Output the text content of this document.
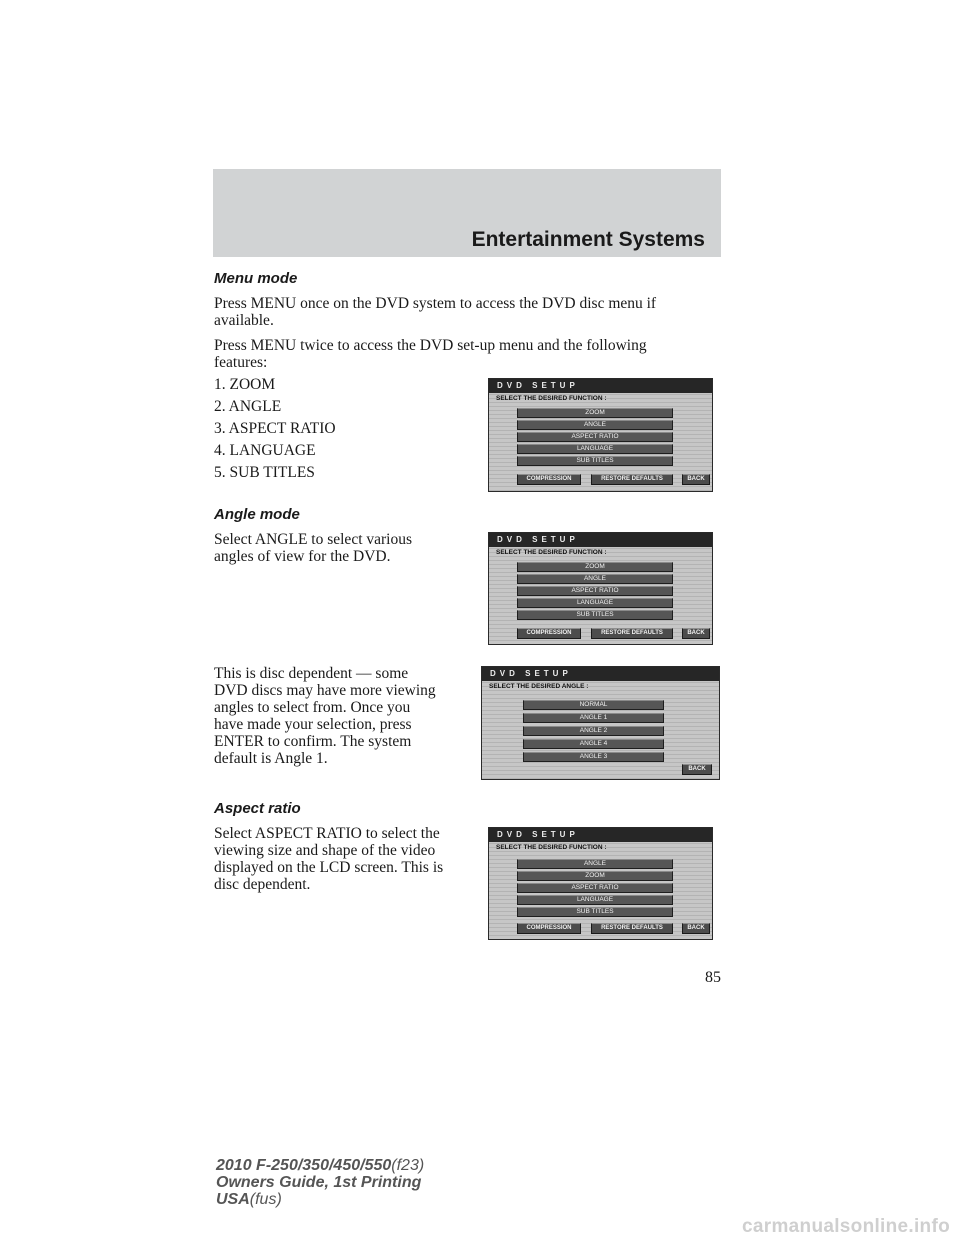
Entertainment Systems
Menu mode

Press MENU once on the DVD system to access the DVD disc menu if
available.

Press MENU twice to access the DVD set-up menu and the following
features:

1. ZOOM
2. ANGLE
3. ASPECT RATIO
4. LANGUAGE
5. SUB TITLES
Angle mode

Select ANGLE to select various
angles of view for the DVD.

This is disc dependent — some
DVD discs may have more viewing
angles to select from. Once you
have made your selection, press
ENTER to confirm. The system
default is Angle 1.

Aspect ratio

Select ASPECT RATIO to select the
viewing size and shape of the video
displayed on the LCD screen. This is
disc dependent.

DVD SETUP
SELECT THE DESIRED FUNCTION :
ZOOM
ANGLE
ASPECT RATIO
LANGUAGE
SUB TITLES
COMPRESSION	RESTORE DEFAULTS	BACK
DVD SETUP
SELECT THE DESIRED FUNCTION :
ZOOM
ANGLE
ASPECT RATIO
LANGUAGE
SUB TITLES
COMPRESSION	RESTORE DEFAULTS	BACK
DVD SETUP
SELECT THE DESIRED ANGLE :
NORMAL
ANGLE 1
ANGLE 2
ANGLE 4
ANGLE 3
BACK
DVD SETUP
SELECT THE DESIRED FUNCTION :
ANGLE
ZOOM
ASPECT RATIO
LANGUAGE
SUB TITLES
COMPRESSION	RESTORE DEFAULTS	BACK
85
2010 F-250/350/450/550(f23)
Owners Guide, 1st Printing
USA(fus)
carmanualsonline.info
